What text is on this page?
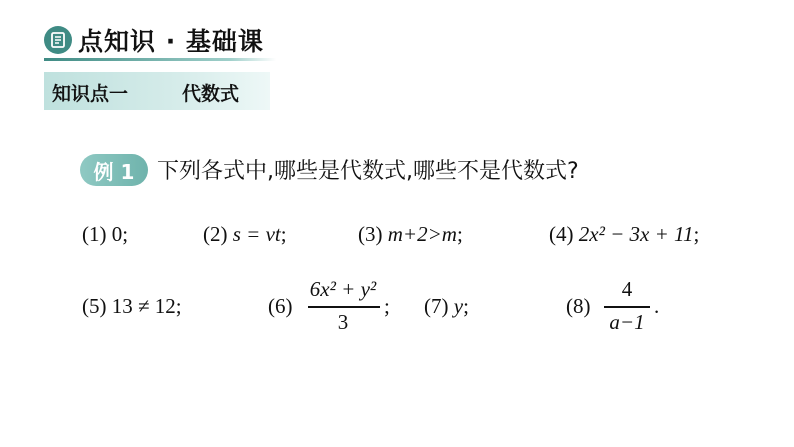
点知识 · 基础课
知识点一	代数式
例 1	下列各式中,哪些是代数式,哪些不是代数式?
(1) 0;	(2) s = vt;	(3) m+2>m;	(4) 2x² − 3x + 11;
(5) 13 ≠ 12;	(6)
6x² + y²
3
; (7) y;	(8)
4
a−1
.
